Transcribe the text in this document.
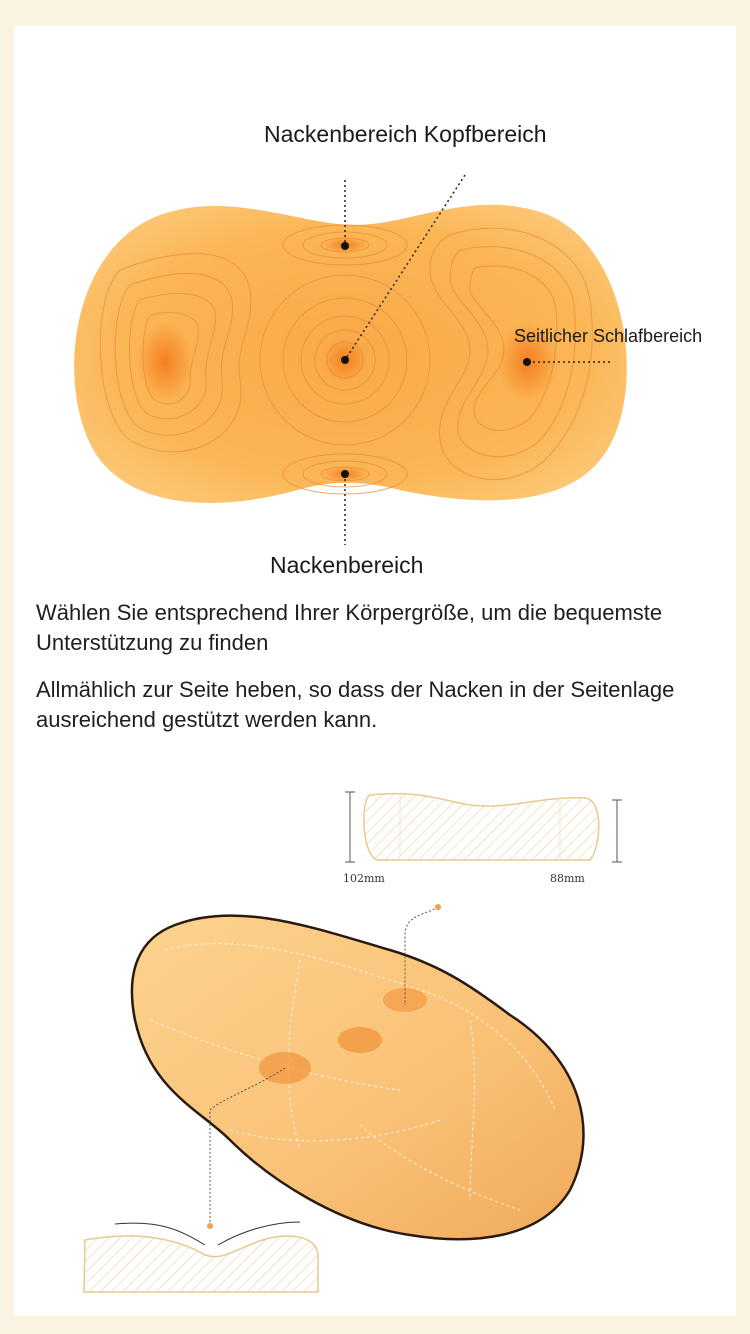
Nackenbereich Kopfbereich
Seitlicher Schlafbereich
Nackenbereich
Wählen Sie entsprechend Ihrer Körpergröße, um die bequemste Unterstützung zu finden
Allmählich zur Seite heben, so dass der Nacken in der Seitenlage ausreichend gestützt werden kann.
102mm	88mm
